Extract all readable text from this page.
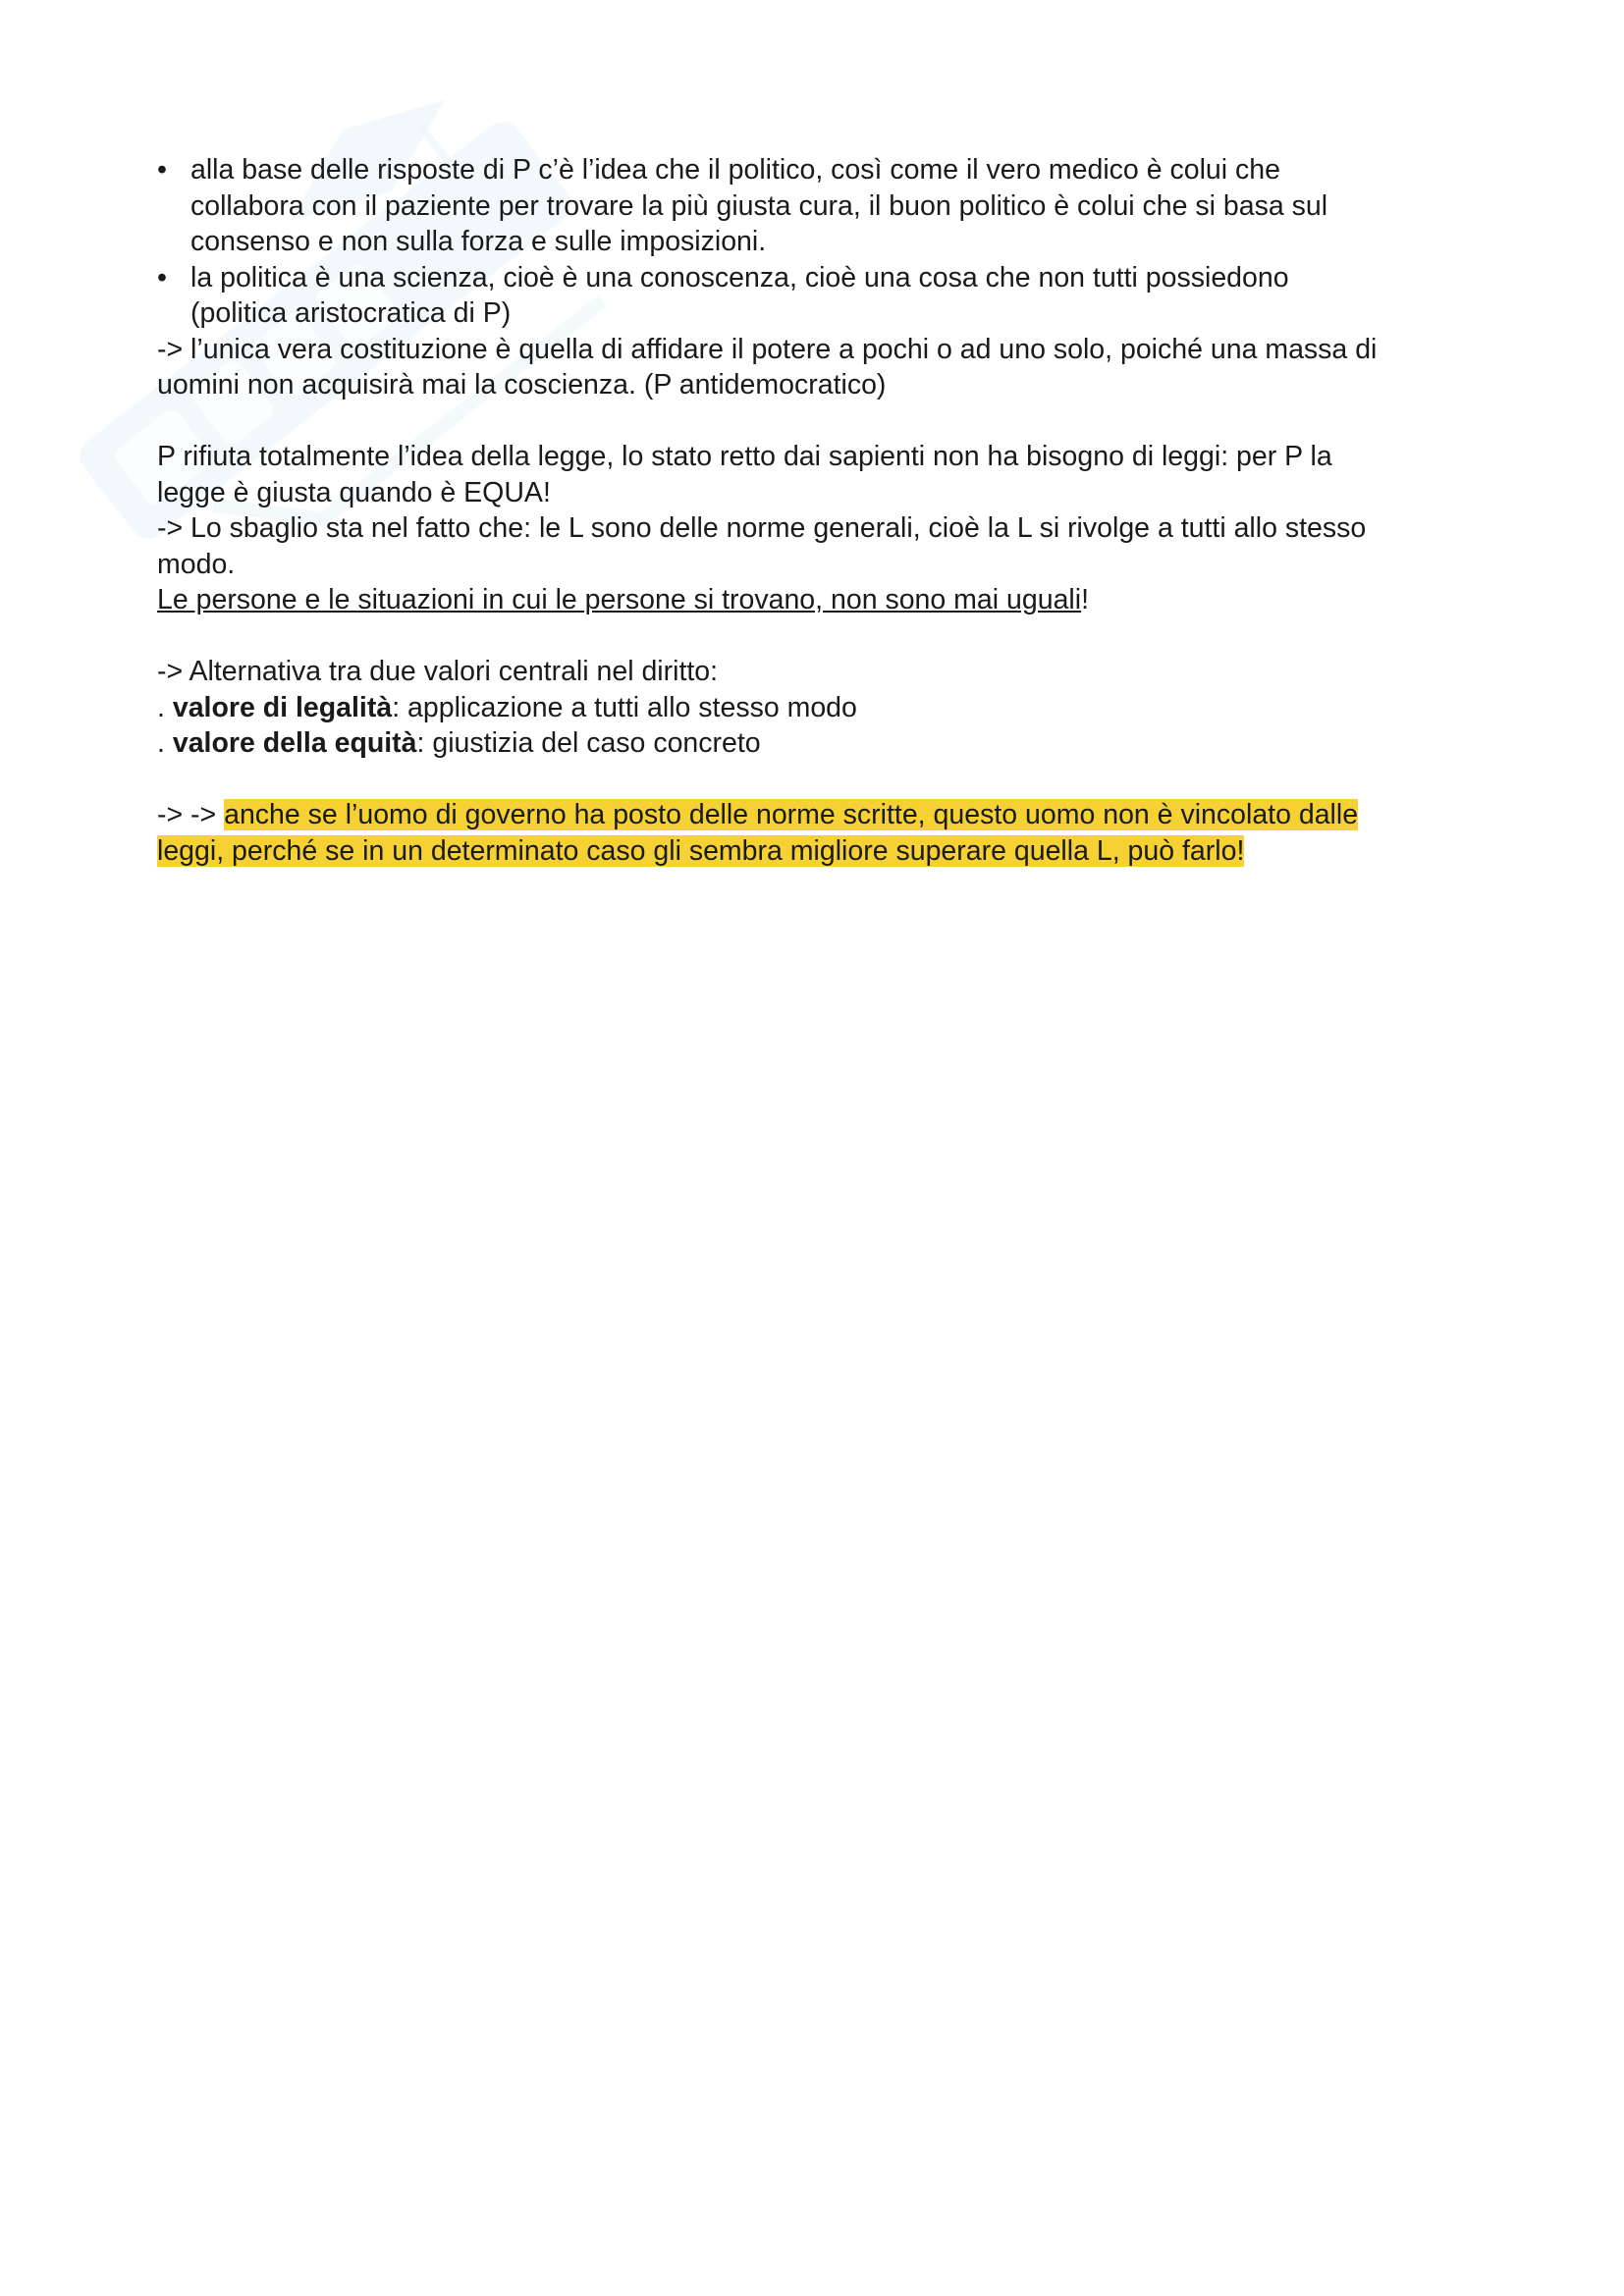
• alla base delle risposte di P c’è l’idea che il politico, così come il vero medico è colui che
collabora con il paziente per trovare la più giusta cura, il buon politico è colui che si basa sul
consenso e non sulla forza e sulle imposizioni.
• la politica è una scienza, cioè è una conoscenza, cioè una cosa che non tutti possiedono
(politica aristocratica di P)
-> l’unica vera costituzione è quella di affidare il potere a pochi o ad uno solo, poiché una massa di
uomini non acquisirà mai la coscienza. (P antidemocratico)
P rifiuta totalmente l’idea della legge, lo stato retto dai sapienti non ha bisogno di leggi: per P la
legge è giusta quando è EQUA!
-> Lo sbaglio sta nel fatto che: le L sono delle norme generali, cioè la L si rivolge a tutti allo stesso
modo.
Le persone e le situazioni in cui le persone si trovano, non sono mai uguali!
-> Alternativa tra due valori centrali nel diritto:
. valore di legalità: applicazione a tutti allo stesso modo
. valore della equità: giustizia del caso concreto
-> -> anche se l’uomo di governo ha posto delle norme scritte, questo uomo non è vincolato dalle
leggi, perché se in un determinato caso gli sembra migliore superare quella L, può farlo!
